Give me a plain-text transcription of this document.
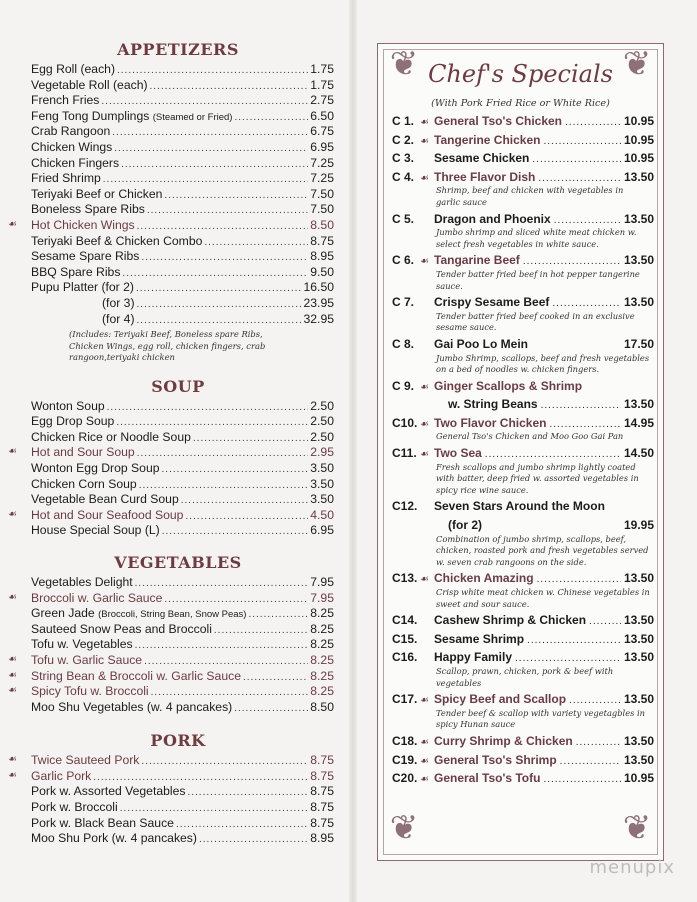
APPETIZERS
Egg Roll (each) .....	1.75
Vegetable Roll (each) .....	1.75
French Fries .....	2.75
Feng Tong Dumplings (Steamed or Fried) .....	6.50
Crab Rangoon .....	6.75
Chicken Wings .....	6.95
Chicken Fingers .....	7.25
Fried Shrimp .....	7.25
Teriyaki Beef or Chicken .....	7.50
Boneless Spare Ribs .....	7.50
☙	Hot Chicken Wings .....	8.50
Teriyaki Beef & Chicken Combo .....	8.75
Sesame Spare Ribs .....	8.95
BBQ Spare Ribs .....	9.50
Pupu Platter (for 2) .....	16.50
(for 3) .....	23.95
(for 4) .....	32.95
(Includes: Teriyaki Beef, Boneless spare Ribs, Chicken Wings, egg roll, chicken fingers, crab rangoon,teriyaki chicken
SOUP
Wonton Soup .....	2.50
Egg Drop Soup .....	2.50
Chicken Rice or Noodle Soup .....	2.50
☙	Hot and Sour Soup .....	2.95
Wonton Egg Drop Soup .....	3.50
Chicken Corn Soup .....	3.50
Vegetable Bean Curd Soup .....	3.50
☙	Hot and Sour Seafood Soup .....	4.50
House Special Soup (L) .....	6.95
VEGETABLES
Vegetables Delight .....	7.95
☙	Broccoli w. Garlic Sauce .....	7.95
Green Jade (Broccoli, String Bean, Snow Peas) .....	8.25
Sauteed Snow Peas and Broccoli .....	8.25
Tofu w. Vegetables .....	8.25
☙	Tofu w. Garlic Sauce .....	8.25
☙	String Bean & Broccoli w. Garlic Sauce .....	8.25
☙	Spicy Tofu w. Broccoli .....	8.25
Moo Shu Vegetables (w. 4 pancakes) .....	8.50
PORK
☙	Twice Sauteed Pork .....	8.75
☙	Garlic Pork .....	8.75
Pork w. Assorted Vegetables .....	8.75
Pork w. Broccoli .....	8.75
Pork w. Black Bean Sauce .....	8.75
Moo Shu Pork (w. 4 pancakes) .....	8.95
❦	❦
❦	❦
Chef's Specials
(With Pork Fried Rice or White Rice)
C 1. ☙ General Tso's Chicken .....	10.95
C 2. ☙ Tangerine Chicken .....	10.95
C 3.	Sesame Chicken .....	10.95
C 4. ☙ Three Flavor Dish .....	13.50
Shrimp, beef and chicken with vegetables in garlic sauce
C 5.	Dragon and Phoenix .....	13.50
Jumbo shrimp and sliced white meat chicken w. select fresh vegetables in white sauce.
C 6. ☙ Tangarine Beef .....	13.50
Tender batter fried beef in hot pepper tangerine sauce.
C 7.	Crispy Sesame Beef .....	13.50
Tender batter fried beef cooked in an exclusive sesame sauce.
C 8.	Gai Poo Lo Mein	17.50
Jumbo Shrimp, scallops, beef and fresh vegetables on a bed of noodles w. chicken fingers.
C 9. ☙ Ginger Scallops & Shrimp
w. String Beans .....	13.50
C10. ☙ Two Flavor Chicken .....	14.95
General Tso's Chicken and Moo Goo Gai Pan
C11. ☙ Two Sea .....	14.50
Fresh scallops and jumbo shrimp lightly coated with batter, deep fried w. assorted vegetables in spicy rice wine sauce.
C12.	Seven Stars Around the Moon
(for 2)	19.95
Combination of jumbo shrimp, scallops, beef, chicken, roasted pork and fresh vegetables served w. seven crab rangoons on the side.
C13. ☙ Chicken Amazing .....	13.50
Crisp white meat chicken w. Chinese vegetables in sweet and sour sauce.
C14.	Cashew Shrimp & Chicken .....	13.50
C15.	Sesame Shrimp .....	13.50
C16.	Happy Family .....	13.50
Scallop, prawn, chicken, pork & beef with vegetables
C17. ☙ Spicy Beef and Scallop .....	13.50
Tender beef & scallop with variety vegetagbles in spicy Hunan sauce
C18. ☙ Curry Shrimp & Chicken .....	13.50
C19. ☙ General Tso's Shrimp .....	13.50
C20. ☙ General Tso's Tofu .....	10.95
menupix
